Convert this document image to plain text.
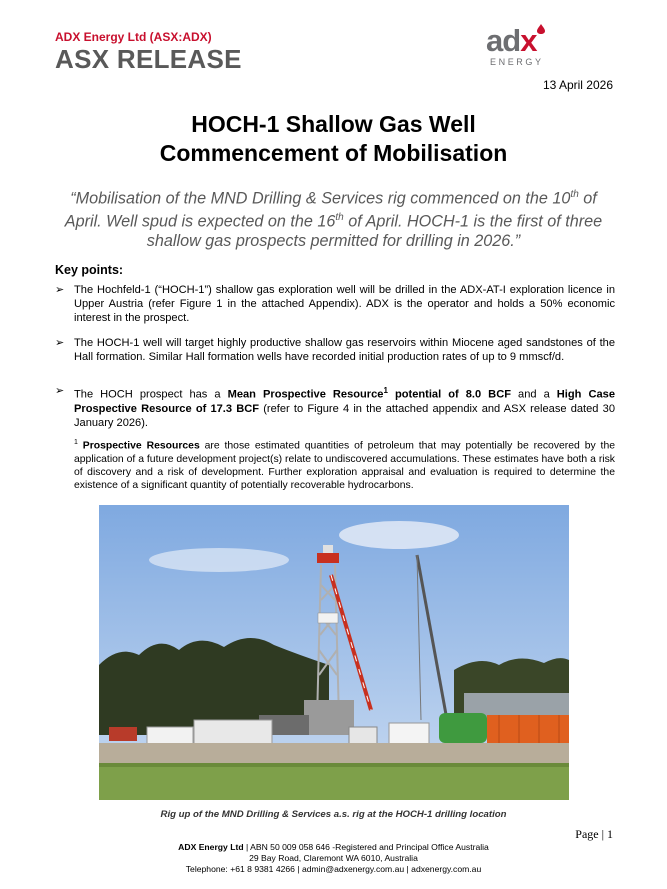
ADX Energy Ltd (ASX:ADX)
ASX RELEASE
adx
ENERGY
13 April 2026
HOCH-1 Shallow Gas Well
Commencement of Mobilisation
“Mobilisation of the MND Drilling & Services rig commenced on the 10th of April. Well spud is expected on the 16th of April. HOCH-1 is the first of three shallow gas prospects permitted for drilling in 2026.”
Key points:
➢ The Hochfeld-1 (“HOCH-1”) shallow gas exploration well will be drilled in the ADX-AT-I exploration licence in Upper Austria (refer Figure 1 in the attached Appendix). ADX is the operator and holds a 50% economic interest in the prospect.
➢ The HOCH-1 well will target highly productive shallow gas reservoirs within Miocene aged sandstones of the Hall formation. Similar Hall formation wells have recorded initial production rates of up to 9 mmscf/d.
➢ The HOCH prospect has a Mean Prospective Resource$^1$ potential of 8.0 BCF and a High Case Prospective Resource of 17.3 BCF (refer to Figure 4 in the attached appendix and ASX release dated 30 January 2026).
$^1$ Prospective Resources are those estimated quantities of petroleum that may potentially be recovered by the application of a future development project(s) relate to undiscovered accumulations. These estimates have both a risk of discovery and a risk of development. Further exploration appraisal and evaluation is required to determine the existence of a significant quantity of potentially recoverable hydrocarbons.
Rig up of the MND Drilling & Services a.s. rig at the HOCH-1 drilling location
Page | 1
ADX Energy Ltd | ABN 50 009 058 646 -Registered and Principal Office Australia
29 Bay Road, Claremont WA 6010, Australia
Telephone: +61 8 9381 4266 | admin@adxenergy.com.au | adxenergy.com.au
